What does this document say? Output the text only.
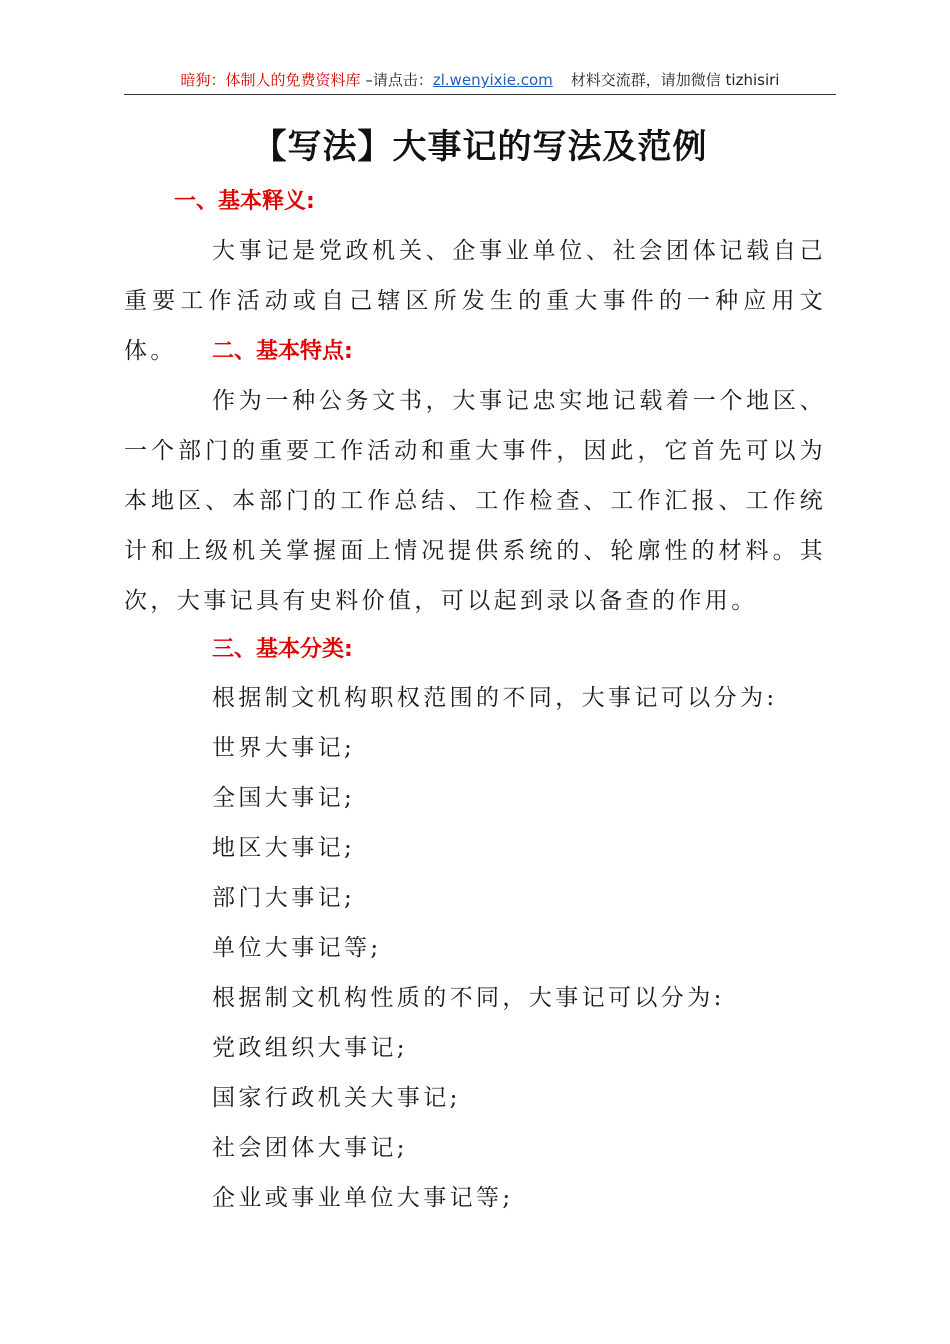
暗狗：体制人的免费资料库 –请点击：zl.wenyixie.com 材料交流群，请加微信 tizhisiri
【写法】大事记的写法及范例
一、基本释义:

大事记是党政机关、企事业单位、社会团体记载自己重要工作活动或自己辖区所发生的重大事件的一种应用文体。	二、基本特点:

作为一种公务文书，大事记忠实地记载着一个地区、一个部门的重要工作活动和重大事件，因此，它首先可以为本地区、本部门的工作总结、工作检查、工作汇报、工作统计和上级机关掌握面上情况提供系统的、轮廓性的材料。其次，大事记具有史料价值，可以起到录以备查的作用。

三、基本分类:
根据制文机构职权范围的不同，大事记可以分为:
世界大事记;
全国大事记;
地区大事记;
部门大事记;
单位大事记等;
根据制文机构性质的不同，大事记可以分为:
党政组织大事记;
国家行政机关大事记;
社会团体大事记;
企业或事业单位大事记等;
